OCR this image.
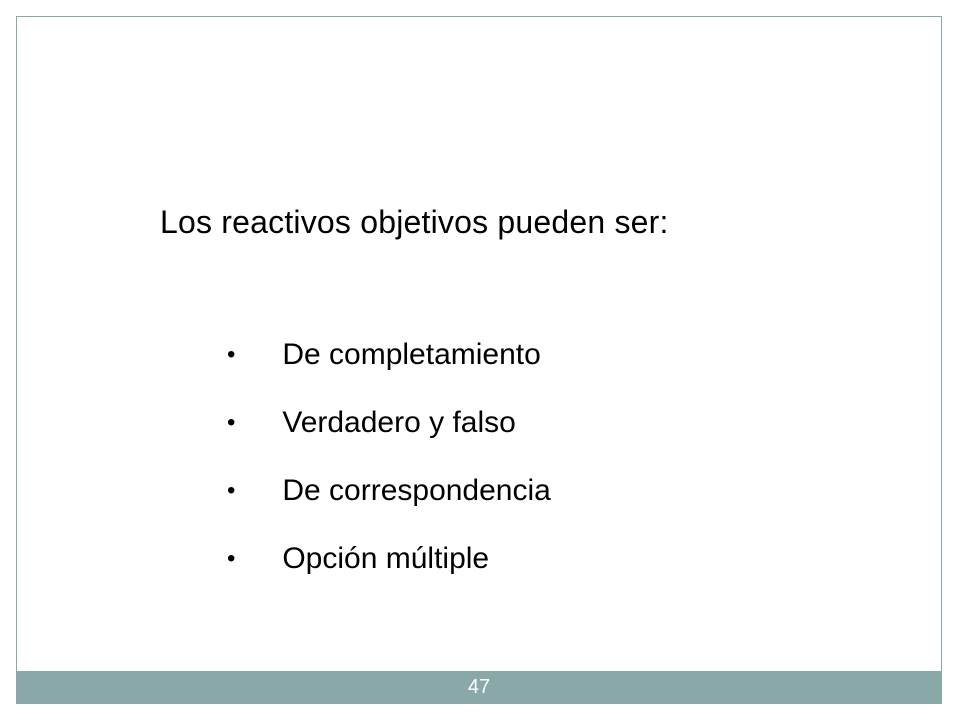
Los reactivos objetivos pueden ser:
• De completamiento
• Verdadero y falso
• De correspondencia
• Opción múltiple
47
